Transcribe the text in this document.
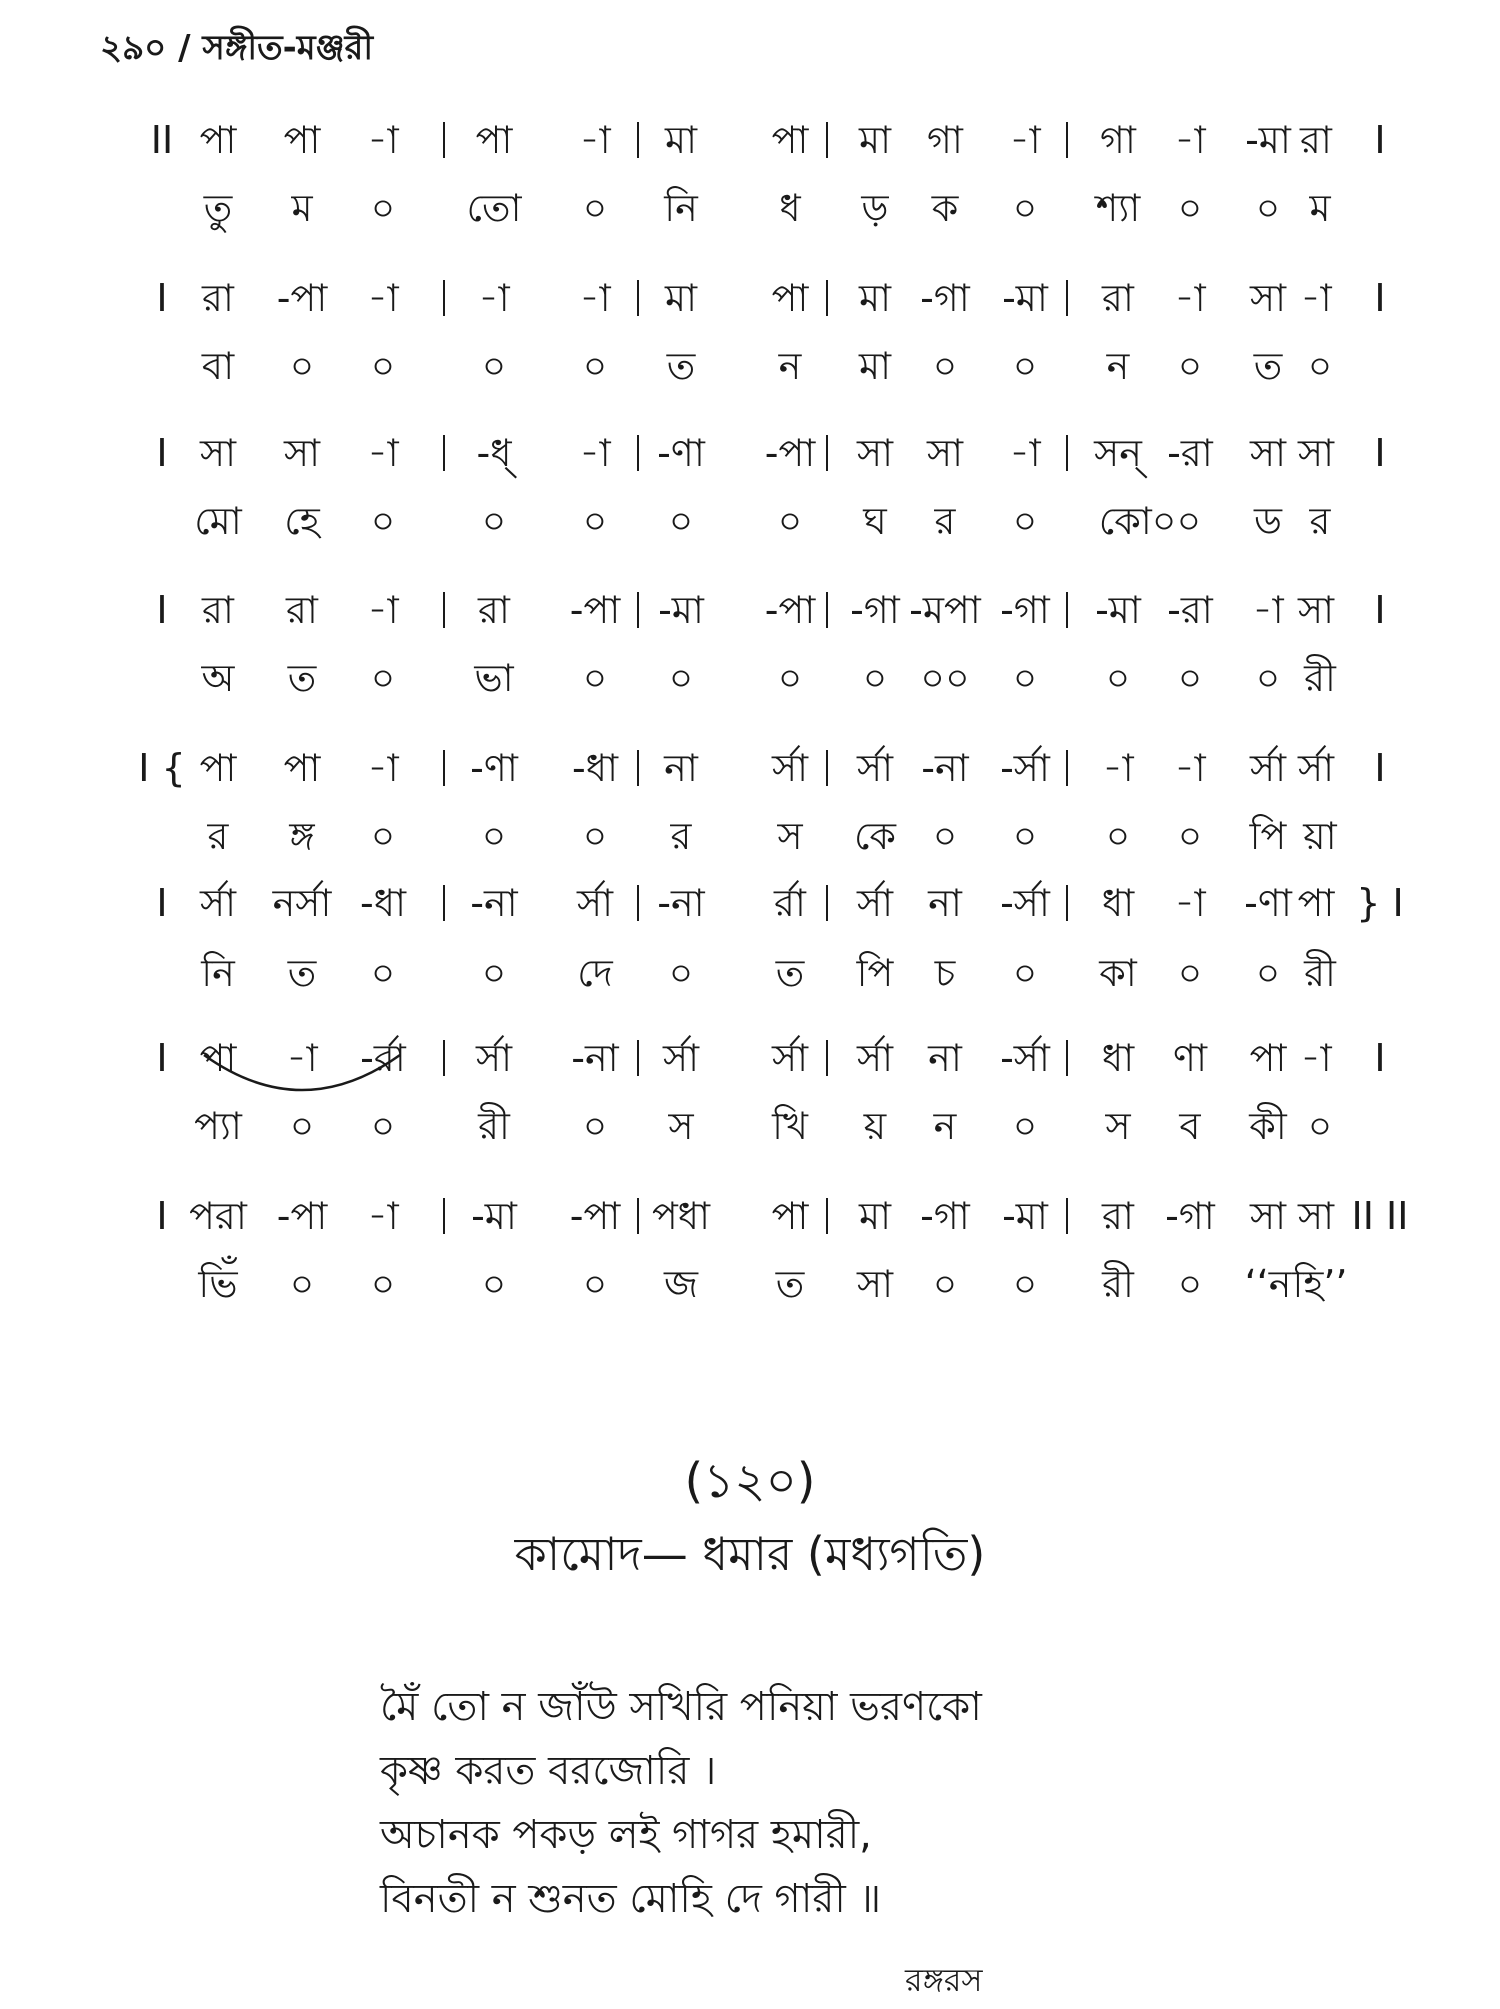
২৯০ / সঙ্গীত-মঞ্জরী
II পা পা -া পা -া মা পা মা গা -া গা -া -মা রা I
তু ম ০ তো ০ নি ধ ড় ক ০ শ্যা ০ ০ ম
I রা -পা -া -া -া মা পা মা -গা -মা রা -া সা -া I
বা ০ ০ ০ ০ ত ন মা ০ ০ ন ০ ত ০
I সা সা -া -ধ্ -া -ণা -পা সা সা -া সন্ -রা সা সা I
মো হে ০ ০ ০ ০ ০ ঘ র ০ কো০০ ড র
I রা রা -া রা -পা -মা -পা -গা -মপা -গা -মা -রা -া সা I
অ ত ০ ভা ০ ০ ০ ০ ০০ ০ ০ ০ ০ রী
I { পা পা -া -ণা -ধা না র্সা র্সা -না -র্সা -া -া র্সা র্সা I
র ঙ্গ ০ ০ ০ র স কে ০ ০ ০ ০ পি য়া
I র্সা নর্সা -ধা -না র্সা -না র্রা র্সা না -র্সা ধা -া -ণা পা } I
নি ত ০ ০ দে ০ ত পি চ ০ কা ০ ০ রী
I পা -া -র্রা র্সা -না র্সা র্সা র্সা না -র্সা ধা ণা পা -া I
প্যা ০ ০ রী ০ স খি য় ন ০ স ব কী ০
I পরা -পা -া -মা -পা পধা পা মা -গা -মা রা -গা সা সা II II
ভিঁ ০ ০ ০ ০ জ ত সা ০ ০ রী ০ ‘‘ন হি’’
(১২০)
কামোদ— ধমার (মধ্যগতি)
মৈঁ তো ন জাঁউ সখিরি পনিয়া ভরণকো
কৃষ্ণ করত বরজোরি ।
অচানক পকড় লই গাগর হমারী,
বিনতী ন শুনত মোহি দে গারী ॥
রঙ্গরস
